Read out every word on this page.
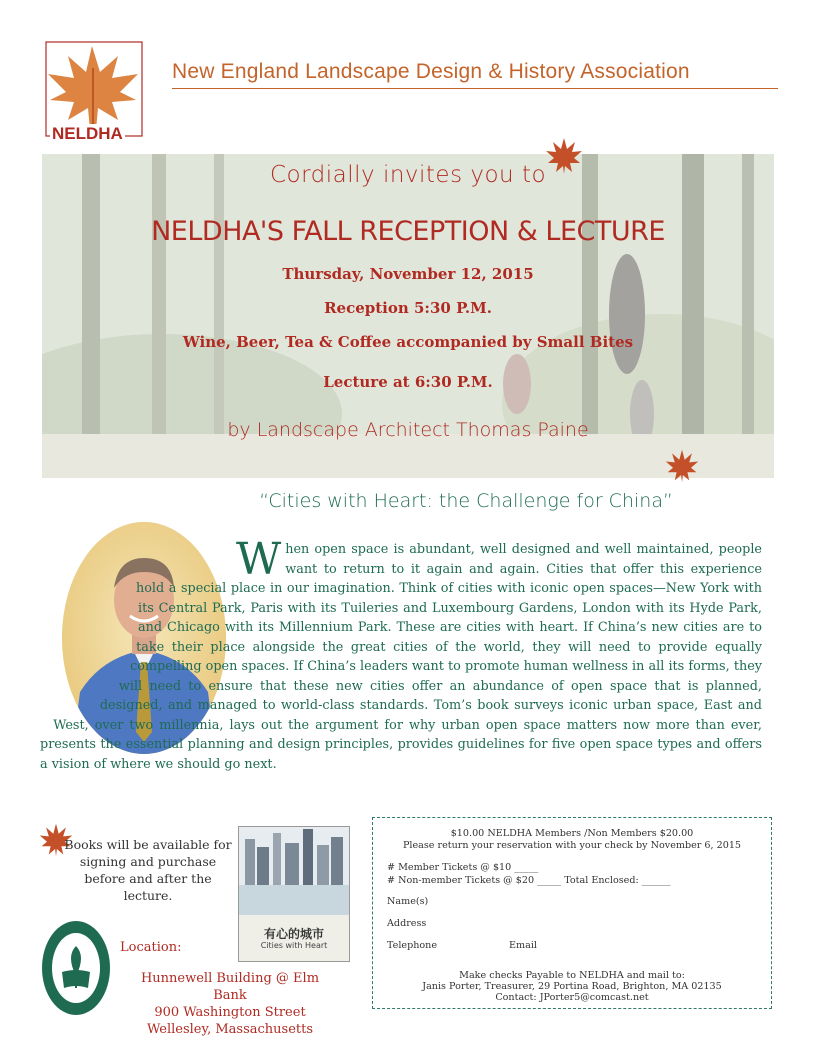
NELDHA
New England Landscape Design & History Association
Cordially invites you to
NELDHA'S FALL RECEPTION & LECTURE
Thursday, November 12, 2015
Reception 5:30 P.M.
Wine, Beer, Tea & Coffee accompanied by Small Bites
Lecture at 6:30 P.M.
by Landscape Architect Thomas Paine
“Cities with Heart: the Challenge for China”
When open space is abundant, well designed and well maintained, people want to return to it again and again. Cities that offer this experience hold a special place in our imagination. Think of cities with iconic open spaces—New York with its Central Park, Paris with its Tuileries and Luxembourg Gardens, London with its Hyde Park, and Chicago with its Millennium Park. These are cities with heart. If China’s new cities are to take their place alongside the great cities of the world, they will need to provide equally compelling open spaces. If China’s leaders want to promote human wellness in all its forms, they will need to ensure that these new cities offer an abundance of open space that is planned, designed, and managed to world-class standards. Tom’s book surveys iconic urban space, East and West, over two millennia, lays out the argument for why urban open space matters now more than ever, presents the essential planning and design principles, provides guidelines for five open space types and offers a vision of where we should go next.
Books will be available for signing and purchase before and after the lecture.
有心的城市
Cities with Heart
Location:
Hunnewell Building @ Elm Bank
900 Washington Street
Wellesley, Massachusetts
$10.00 NELDHA Members /Non Members $20.00
Please return your reservation with your check by November 6, 2015
# Member Tickets @ $10 _____
# Non-member Tickets @ $20 _____ Total Enclosed: ______
Name(s)
Address
Telephone	Email
Make checks Payable to NELDHA and mail to:
Janis Porter, Treasurer, 29 Portina Road, Brighton, MA 02135
Contact: JPorter5@comcast.net
